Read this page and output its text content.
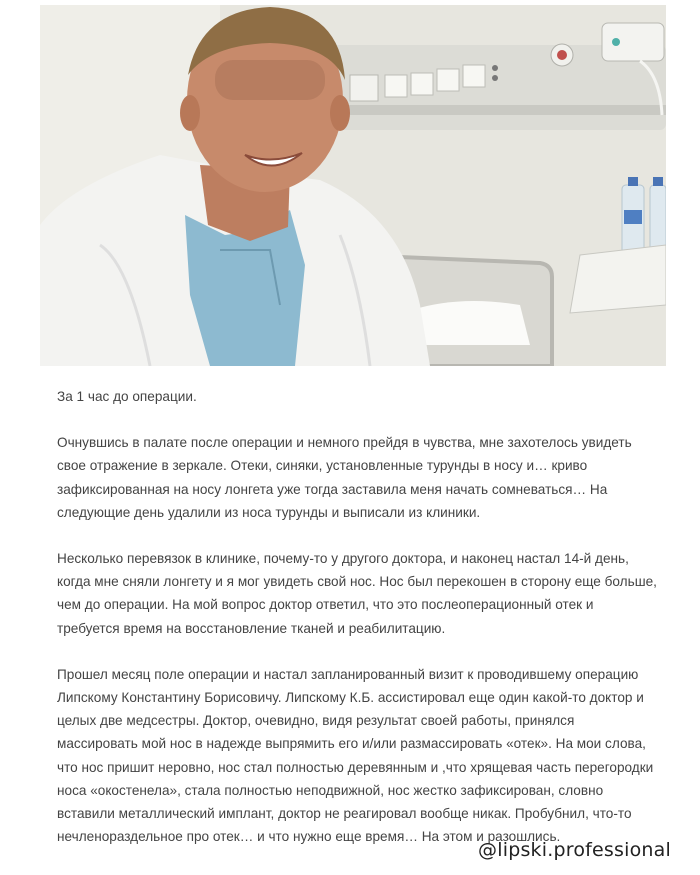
За 1 час до операции.

Очнувшись в палате после операции и немного прейдя в чувства, мне захотелось увидеть свое отражение в зеркале. Отеки, синяки, установленные турунды в носу и… криво зафиксированная на носу лонгета уже тогда заставила меня начать сомневаться… На следующие день удалили из носа турунды и выписали из клиники.

Несколько перевязок в клинике, почему-то у другого доктора, и наконец настал 14-й день, когда мне сняли лонгету и я мог увидеть свой нос. Нос был перекошен в сторону еще больше, чем до операции. На мой вопрос доктор ответил, что это послеоперационный отек и требуется время на восстановление тканей и реабилитацию.

Прошел месяц поле операции и настал запланированный визит к проводившему операцию Липскому Константину Борисовичу. Липскому К.Б. ассистировал еще один какой-то доктор и целых две медсестры. Доктор, очевидно, видя результат своей работы, принялся массировать мой нос в надежде выпрямить его и/или размассировать «отек». На мои слова, что нос пришит неровно, нос стал полностью деревянным и ,что хрящевая часть перегородки носа «окостенела», стала полностью неподвижной, нос жестко зафиксирован, словно вставили металлический имплант, доктор не реагировал вообще никак. Пробубнил, что-то нечленораздельное про отек… и что нужно еще время… На этом и разошлись.

@lipski.professional
